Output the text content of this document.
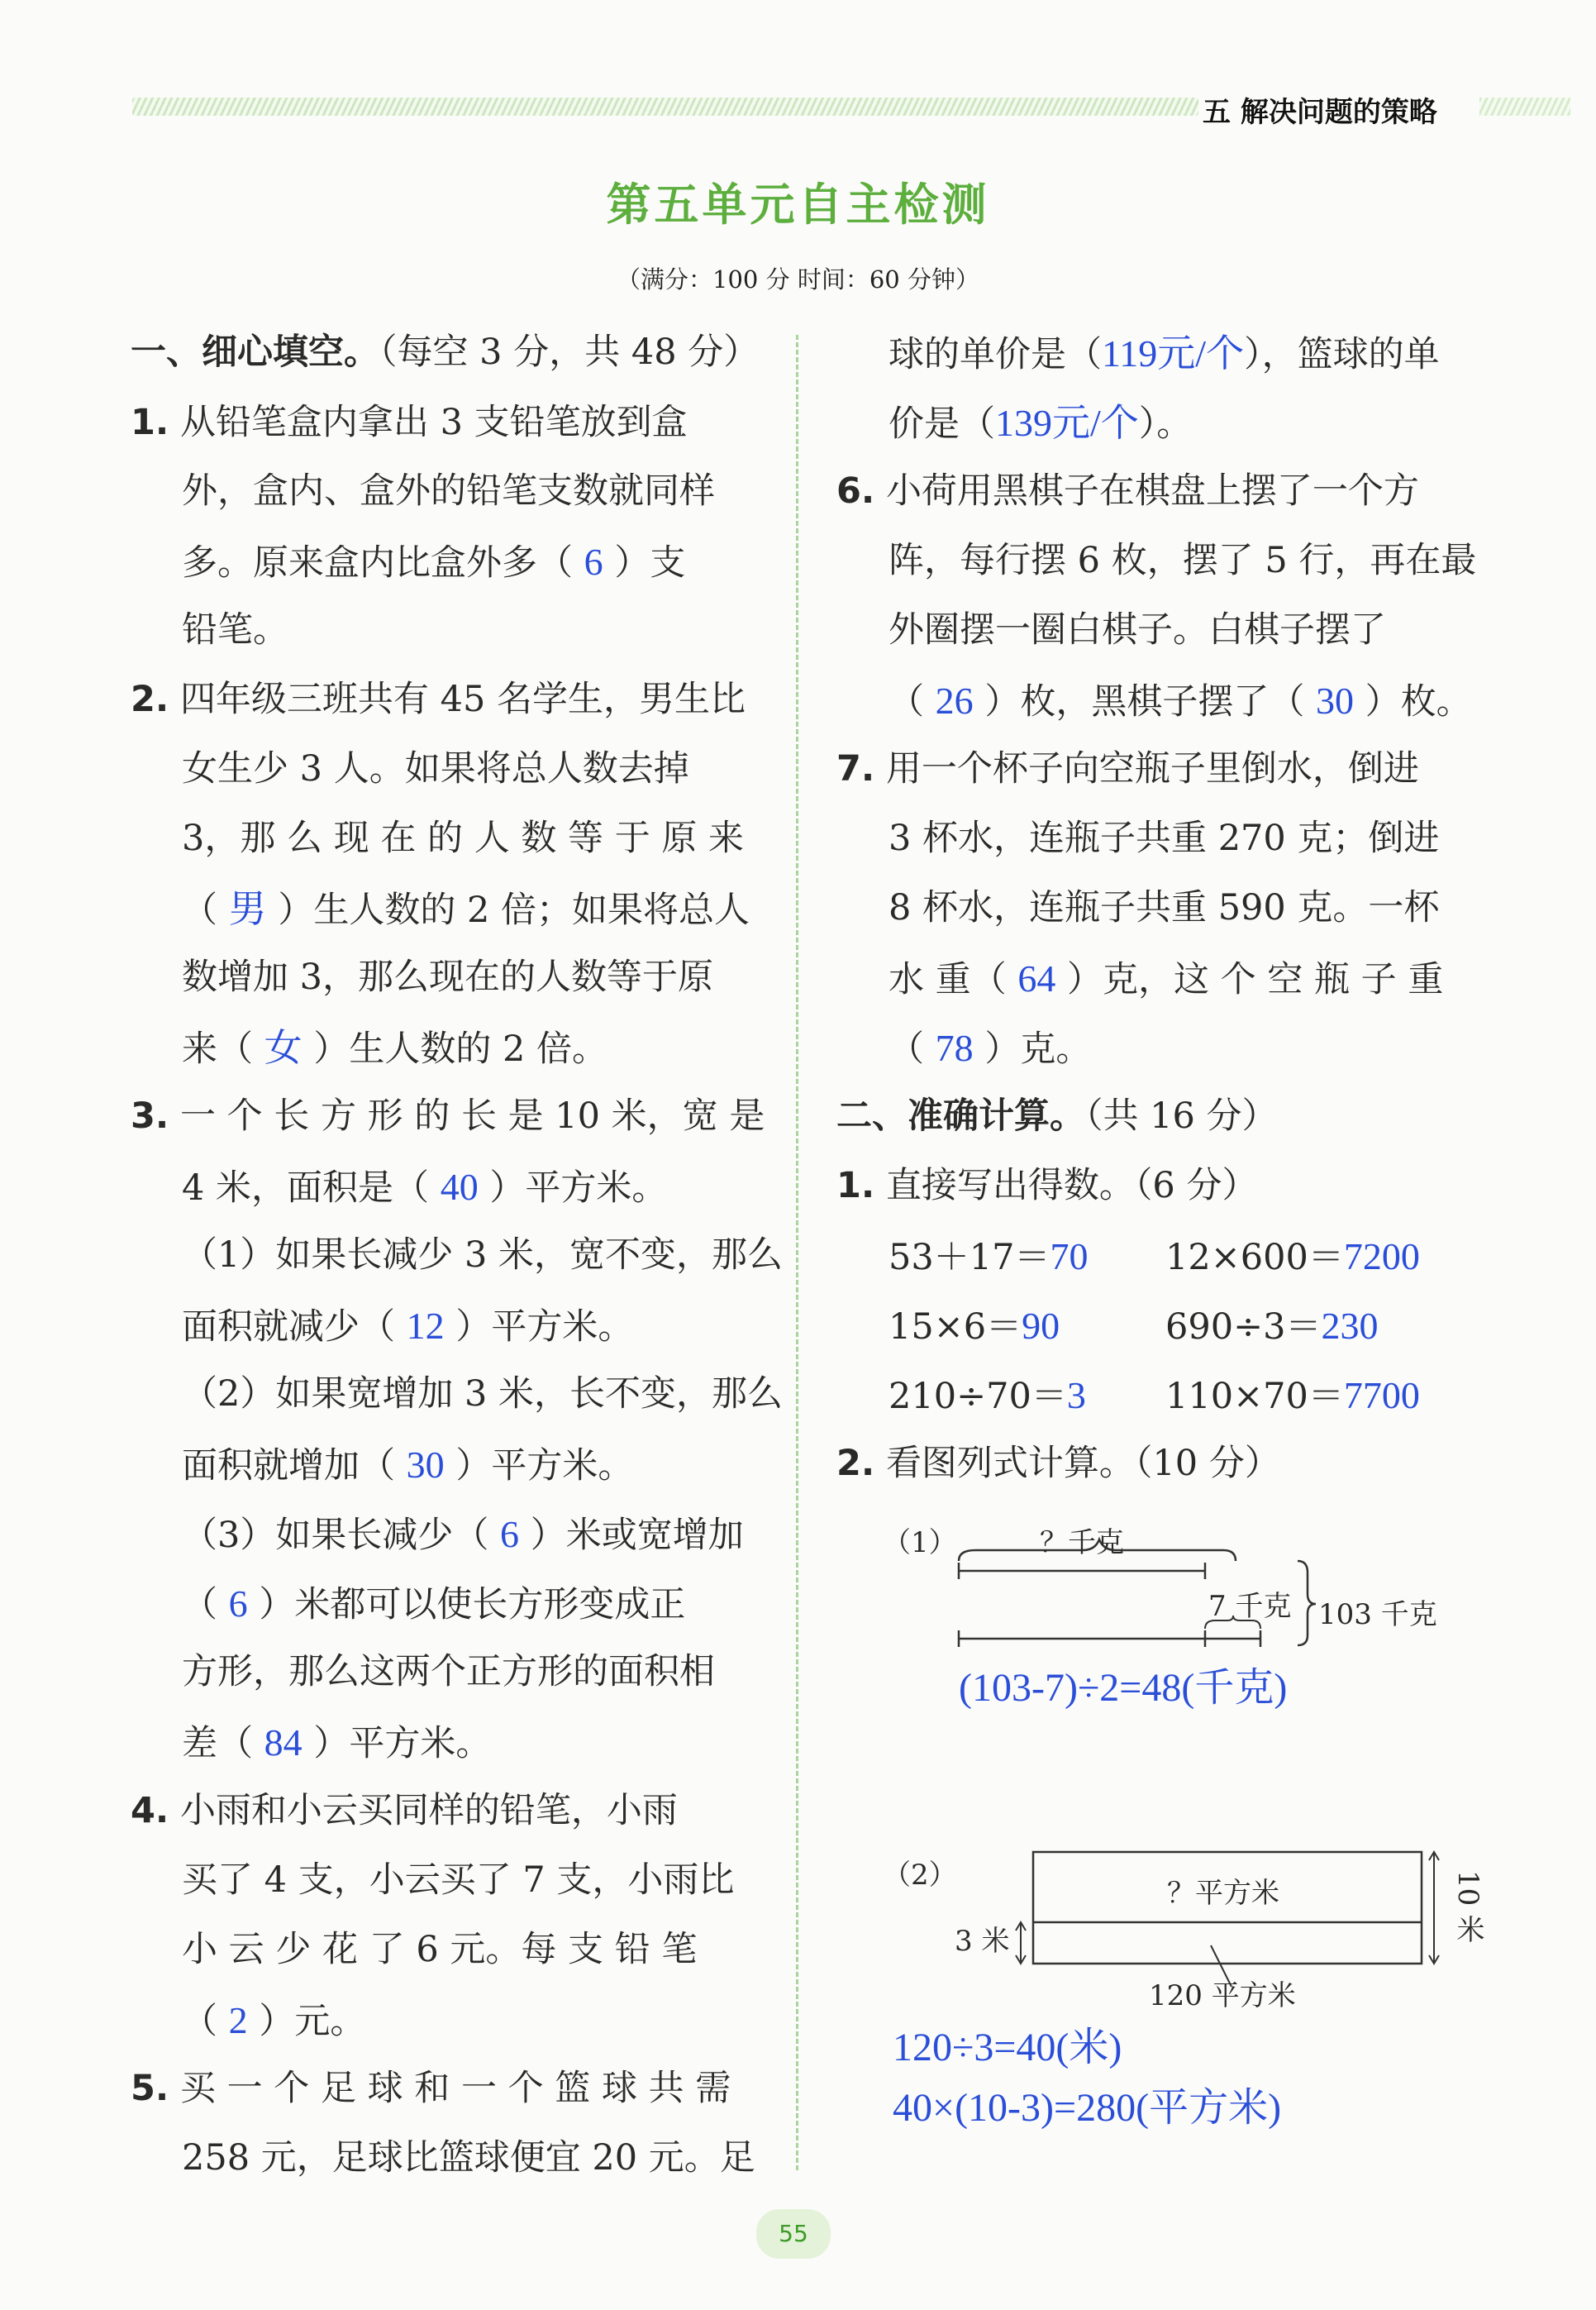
五 解决问题的策略
第五单元自主检测
（满分：100 分 时间：60 分钟）
一、细心填空。（每空 3 分，共 48 分）
1. 从铅笔盒内拿出 3 支铅笔放到盒
外，盒内、盒外的铅笔支数就同样
多。原来盒内比盒外多（ 6 ）支
铅笔。
2. 四年级三班共有 45 名学生，男生比
女生少 3 人。如果将总人数去掉
3，那 么 现 在 的 人 数 等 于 原 来
（ 男 ）生人数的 2 倍；如果将总人
数增加 3，那么现在的人数等于原
来（ 女 ）生人数的 2 倍。
3. 一 个 长 方 形 的 长 是 10 米，宽 是
4 米，面积是（ 40 ）平方米。
（1）如果长减少 3 米，宽不变，那么
面积就减少（ 12 ）平方米。
（2）如果宽增加 3 米，长不变，那么
面积就增加（ 30 ）平方米。
（3）如果长减少（ 6 ）米或宽增加
（ 6 ）米都可以使长方形变成正
方形，那么这两个正方形的面积相
差（ 84 ）平方米。
4. 小雨和小云买同样的铅笔，小雨
买了 4 支，小云买了 7 支，小雨比
小 云 少 花 了 6 元。每 支 铅 笔
（ 2 ）元。
5. 买 一 个 足 球 和 一 个 篮 球 共 需
258 元，足球比篮球便宜 20 元。足
球的单价是（119元/个），篮球的单
价是（139元/个）。
6. 小荷用黑棋子在棋盘上摆了一个方
阵，每行摆 6 枚，摆了 5 行，再在最
外圈摆一圈白棋子。白棋子摆了
（ 26 ）枚，黑棋子摆了（ 30 ）枚。
7. 用一个杯子向空瓶子里倒水，倒进
3 杯水，连瓶子共重 270 克；倒进
8 杯水，连瓶子共重 590 克。一杯
水 重（ 64 ）克，这 个 空 瓶 子 重
（ 78 ）克。
二、准确计算。（共 16 分）
1. 直接写出得数。（6 分）
53＋17＝70 12×600＝7200
15×6＝90	690÷3＝230
210÷70＝3 110×70＝7700
2. 看图列式计算。（10 分）
（1）	？千克
7 千克 103 千克
(103-7)÷2=48(千克)
（2）
？平方米	10 米
3 米
120 平方米
120÷3=40(米)
40×(10-3)=280(平方米)
55
